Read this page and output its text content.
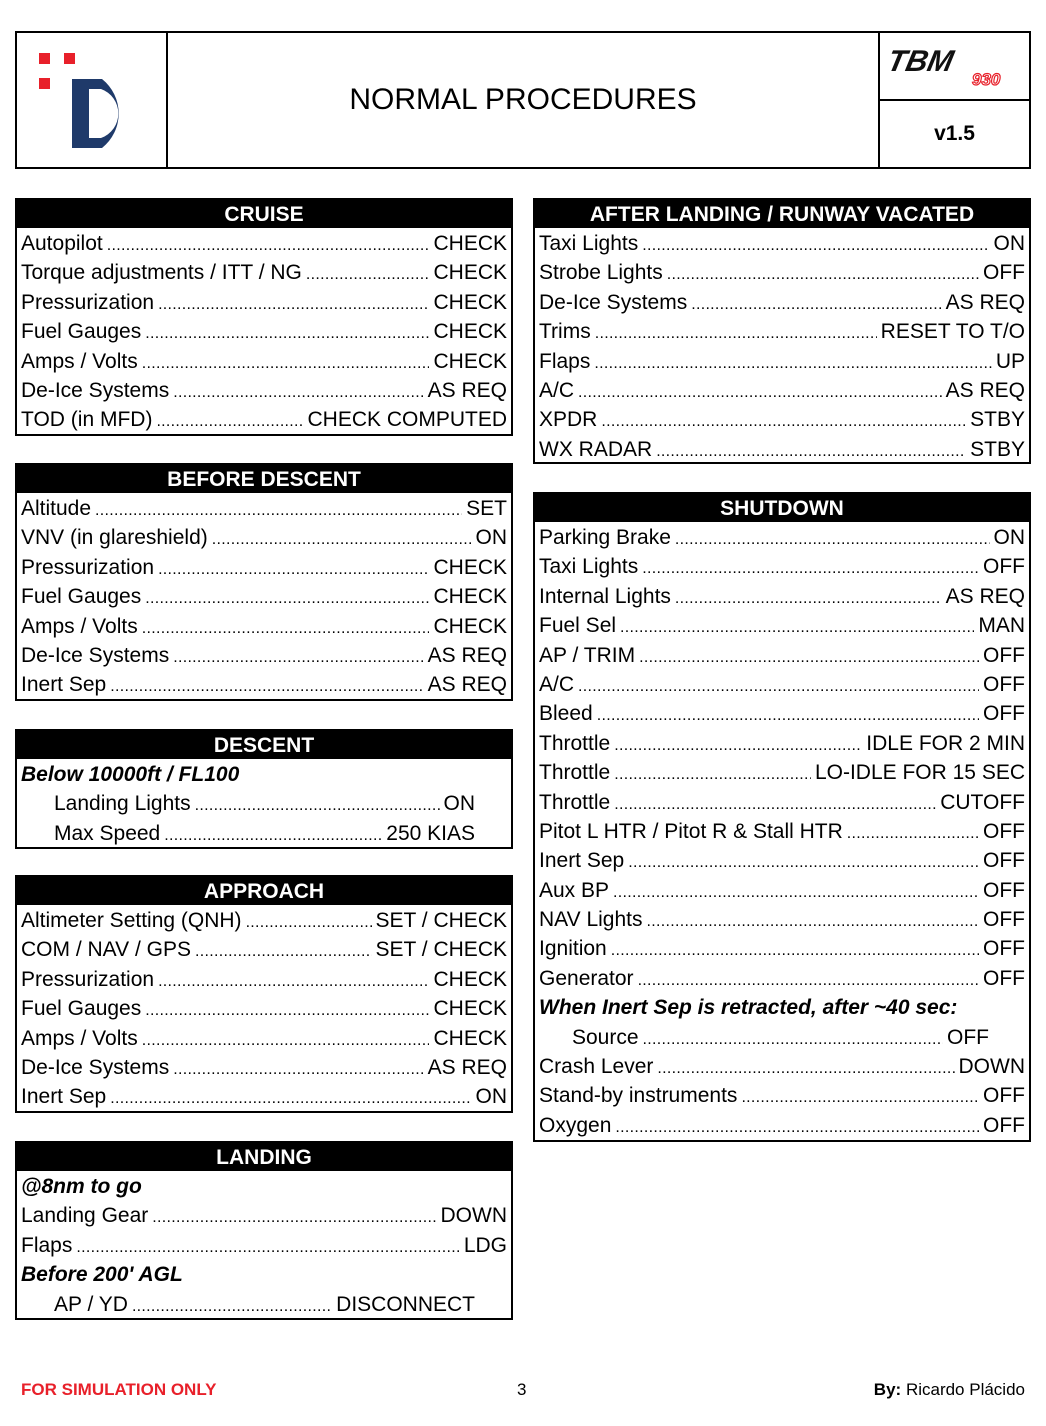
NORMAL PROCEDURES
TBM
930
v1.5
CRUISE
Autopilot .....	CHECK
Torque adjustments / ITT / NG .....	CHECK
Pressurization .....	CHECK
Fuel Gauges .....	CHECK
Amps / Volts .....	CHECK
De-Ice Systems .....	AS REQ
TOD (in MFD) .....	CHECK COMPUTED
BEFORE DESCENT
Altitude .....	SET
VNV (in glareshield) .....	ON
Pressurization .....	CHECK
Fuel Gauges .....	CHECK
Amps / Volts .....	CHECK
De-Ice Systems .....	AS REQ
Inert Sep .....	AS REQ
DESCENT
Below 10000ft / FL100
Landing Lights .....	ON
Max Speed .....	250 KIAS
APPROACH
Altimeter Setting (QNH) .....	SET / CHECK
COM / NAV / GPS .....	SET / CHECK
Pressurization .....	CHECK
Fuel Gauges .....	CHECK
Amps / Volts .....	CHECK
De-Ice Systems .....	AS REQ
Inert Sep .....	ON
LANDING
@8nm to go
Landing Gear .....	DOWN
Flaps .....	LDG
Before 200' AGL
AP / YD .....	DISCONNECT
AFTER LANDING / RUNWAY VACATED
Taxi Lights .....	ON
Strobe Lights .....	OFF
De-Ice Systems .....	AS REQ
Trims .....	RESET TO T/O
Flaps .....	UP
A/C .....	AS REQ
XPDR .....	STBY
WX RADAR .....	STBY
SHUTDOWN
Parking Brake .....	ON
Taxi Lights .....	OFF
Internal Lights .....	AS REQ
Fuel Sel .....	MAN
AP / TRIM .....	OFF
A/C .....	OFF
Bleed .....	OFF
Throttle .....	IDLE FOR 2 MIN
Throttle .....	LO-IDLE FOR 15 SEC
Throttle .....	CUTOFF
Pitot L HTR / Pitot R & Stall HTR .....	OFF
Inert Sep .....	OFF
Aux BP .....	OFF
NAV Lights .....	OFF
Ignition .....	OFF
Generator .....	OFF
When Inert Sep is retracted, after ~40 sec:
Source .....	OFF
Crash Lever .....	DOWN
Stand-by instruments .....	OFF
Oxygen .....	OFF
FOR SIMULATION ONLY	3	By: Ricardo Plácido
